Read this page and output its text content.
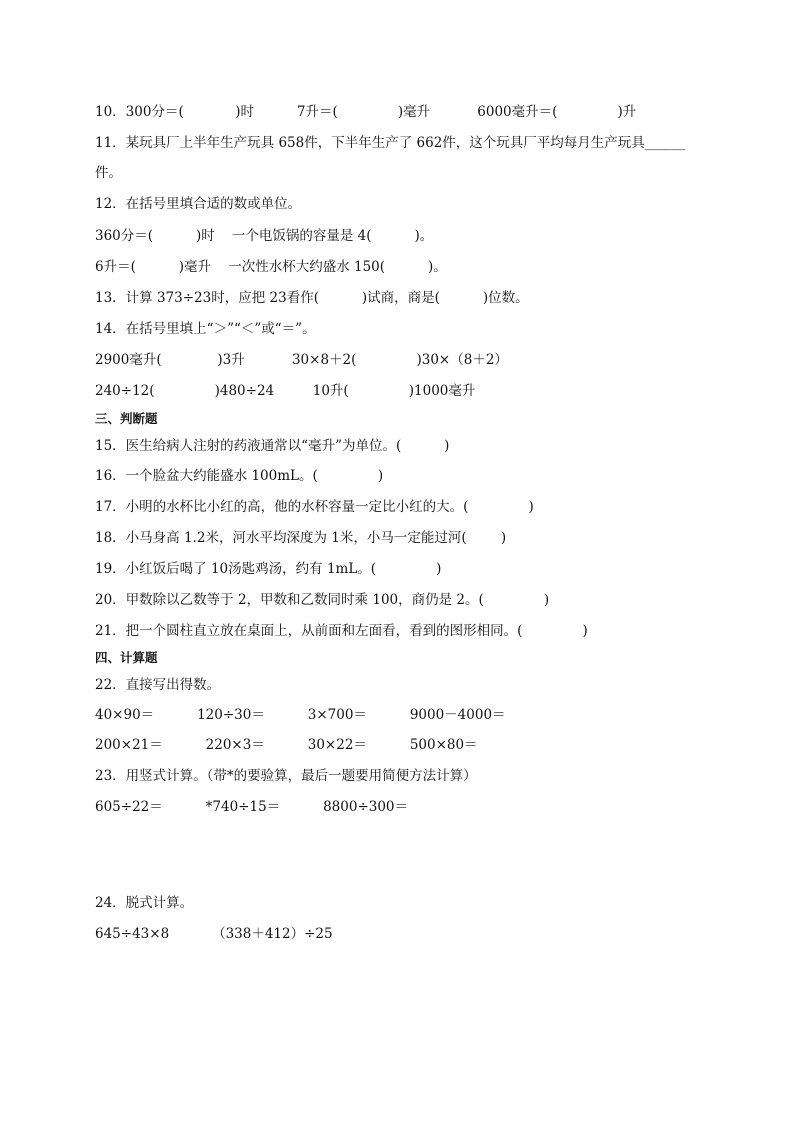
10．300分＝(            )时          7升＝(              )毫升           6000毫升＝(              )升
11．某玩具厂上半年生产玩具 658件，下半年生产了 662件，这个玩具厂平均每月生产玩具______
件。
12．在括号里填合适的数或单位。
360分＝(          )时    一个电饭锅的容量是 4(          )。
6升＝(          )毫升    一次性水杯大约盛水 150(          )。
13．计算 373÷23时，应把 23看作(          )试商，商是(          )位数。
14．在括号里填上“＞”“＜”或“＝”。
2900毫升(             )3升           30×8＋2(              )30×（8＋2）
240÷12(              )480÷24         10升(              )1000毫升
三、判断题
15．医生给病人注射的药液通常以“毫升”为单位。(          )
16．一个脸盆大约能盛水 100mL。(              )
17．小明的水杯比小红的高，他的水杯容量一定比小红的大。(              )
18．小马身高 1.2米，河水平均深度为 1米，小马一定能过河(        )
19．小红饭后喝了 10汤匙鸡汤，约有 1mL。(              )
20．甲数除以乙数等于 2，甲数和乙数同时乘 100，商仍是 2。(              )
21．把一个圆柱直立放在桌面上，从前面和左面看，看到的图形相同。(              )
四、计算题
22．直接写出得数。
40×90＝          120÷30＝          3×700＝          9000－4000＝
200×21＝          220×3＝          30×22＝          500×80＝
23．用竖式计算。（带*的要验算，最后一题要用简便方法计算）
605÷22＝          *740÷15＝          8800÷300＝
24．脱式计算。
645÷43×8          （338＋412）÷25
